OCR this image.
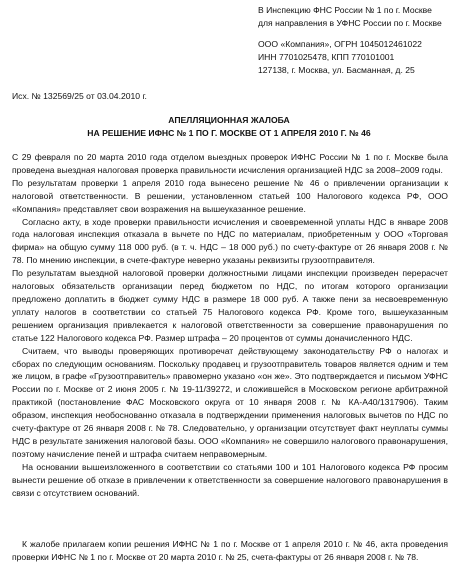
В Инспекцию ФНС России № 1 по г. Москве
для направления в УФНС России по г. Москве
ООО «Компания», ОГРН 1045012461022
ИНН 7701025478, КПП 770101001
127138, г. Москва, ул. Басманная, д. 25
Исх. № 132569/25 от 03.04.2010 г.
АПЕЛЛЯЦИОННАЯ ЖАЛОБА
НА РЕШЕНИЕ ИФНС № 1 ПО Г. МОСКВЕ ОТ 1 АПРЕЛЯ 2010 Г. № 46

С 29 февраля по 20 марта 2010 года отделом выездных проверок ИФНС России № 1 по г. Москве была проведена выездная налоговая проверка правильности исчисления организацией НДС за 2008–2009 годы.

По результатам проверки 1 апреля 2010 года вынесено решение № 46 о привлечении организации к налоговой ответственности. В решении, установленном статьей 100 Налогового кодекса РФ, ООО «Компания» представляет свои возражения на вышеуказанное решение.

Согласно акту, в ходе проверки правильности исчисления и своевременной уплаты НДС в январе 2008 года налоговая инспекция отказала в вычете по НДС по материалам, приобретенным у ООО «Торговая фирма» на общую сумму 118 000 руб. (в т. ч. НДС – 18 000 руб.) по счету-фактуре от 26 января 2008 г. № 78. По мнению инспекции, в счете-фактуре неверно указаны реквизиты грузоотправителя.

По результатам выездной налоговой проверки должностными лицами инспекции произведен перерасчет налоговых обязательств организации перед бюджетом по НДС, по итогам которого организации предложено доплатить в бюджет сумму НДС в размере 18 000 руб. А также пени за несвоевременную уплату налогов в соответствии со статьей 75 Налогового кодекса РФ. Кроме того, вышеуказанным решением организация привлекается к налоговой ответственности за совершение правонарушения по статье 122 Налогового кодекса РФ. Размер штрафа – 20 процентов от суммы доначисленного НДС.

Считаем, что выводы проверяющих противоречат действующему законодательству РФ о налогах и сборах по следующим основаниям. Поскольку продавец и грузоотправитель товаров является одним и тем же лицом, в графе «Грузоотправитель» правомерно указано «он же». Это подтверждается и письмом УФНС России по г. Москве от 2 июня 2005 г. № 19-11/39272, и сложившейся в Московском регионе арбитражной практикой (постановление ФАС Московского округа от 10 января 2008 г. № КА-А40/1317906). Таким образом, инспекция необоснованно отказала в подтверждении применения налоговых вычетов по НДС по счету-фактуре от 26 января 2008 г. № 78. Следовательно, у организации отсутствует факт неуплаты суммы НДС в результате занижения налоговой базы. ООО «Компания» не совершило налогового правонарушения, поэтому начисление пеней и штрафа считаем неправомерным.

На основании вышеизложенного в соответствии со статьями 100 и 101 Налогового кодекса РФ просим вынести решение об отказе в привлечении к ответственности за совершение налогового правонарушения в связи с отсутствием оснований.

К жалобе прилагаем копии решения ИФНС № 1 по г. Москве от 1 апреля 2010 г. № 46, акта проведения проверки ИФНС № 1 по г. Москве от 20 марта 2010 г. № 25, счета-фактуры от 26 января 2008 г. № 78.
